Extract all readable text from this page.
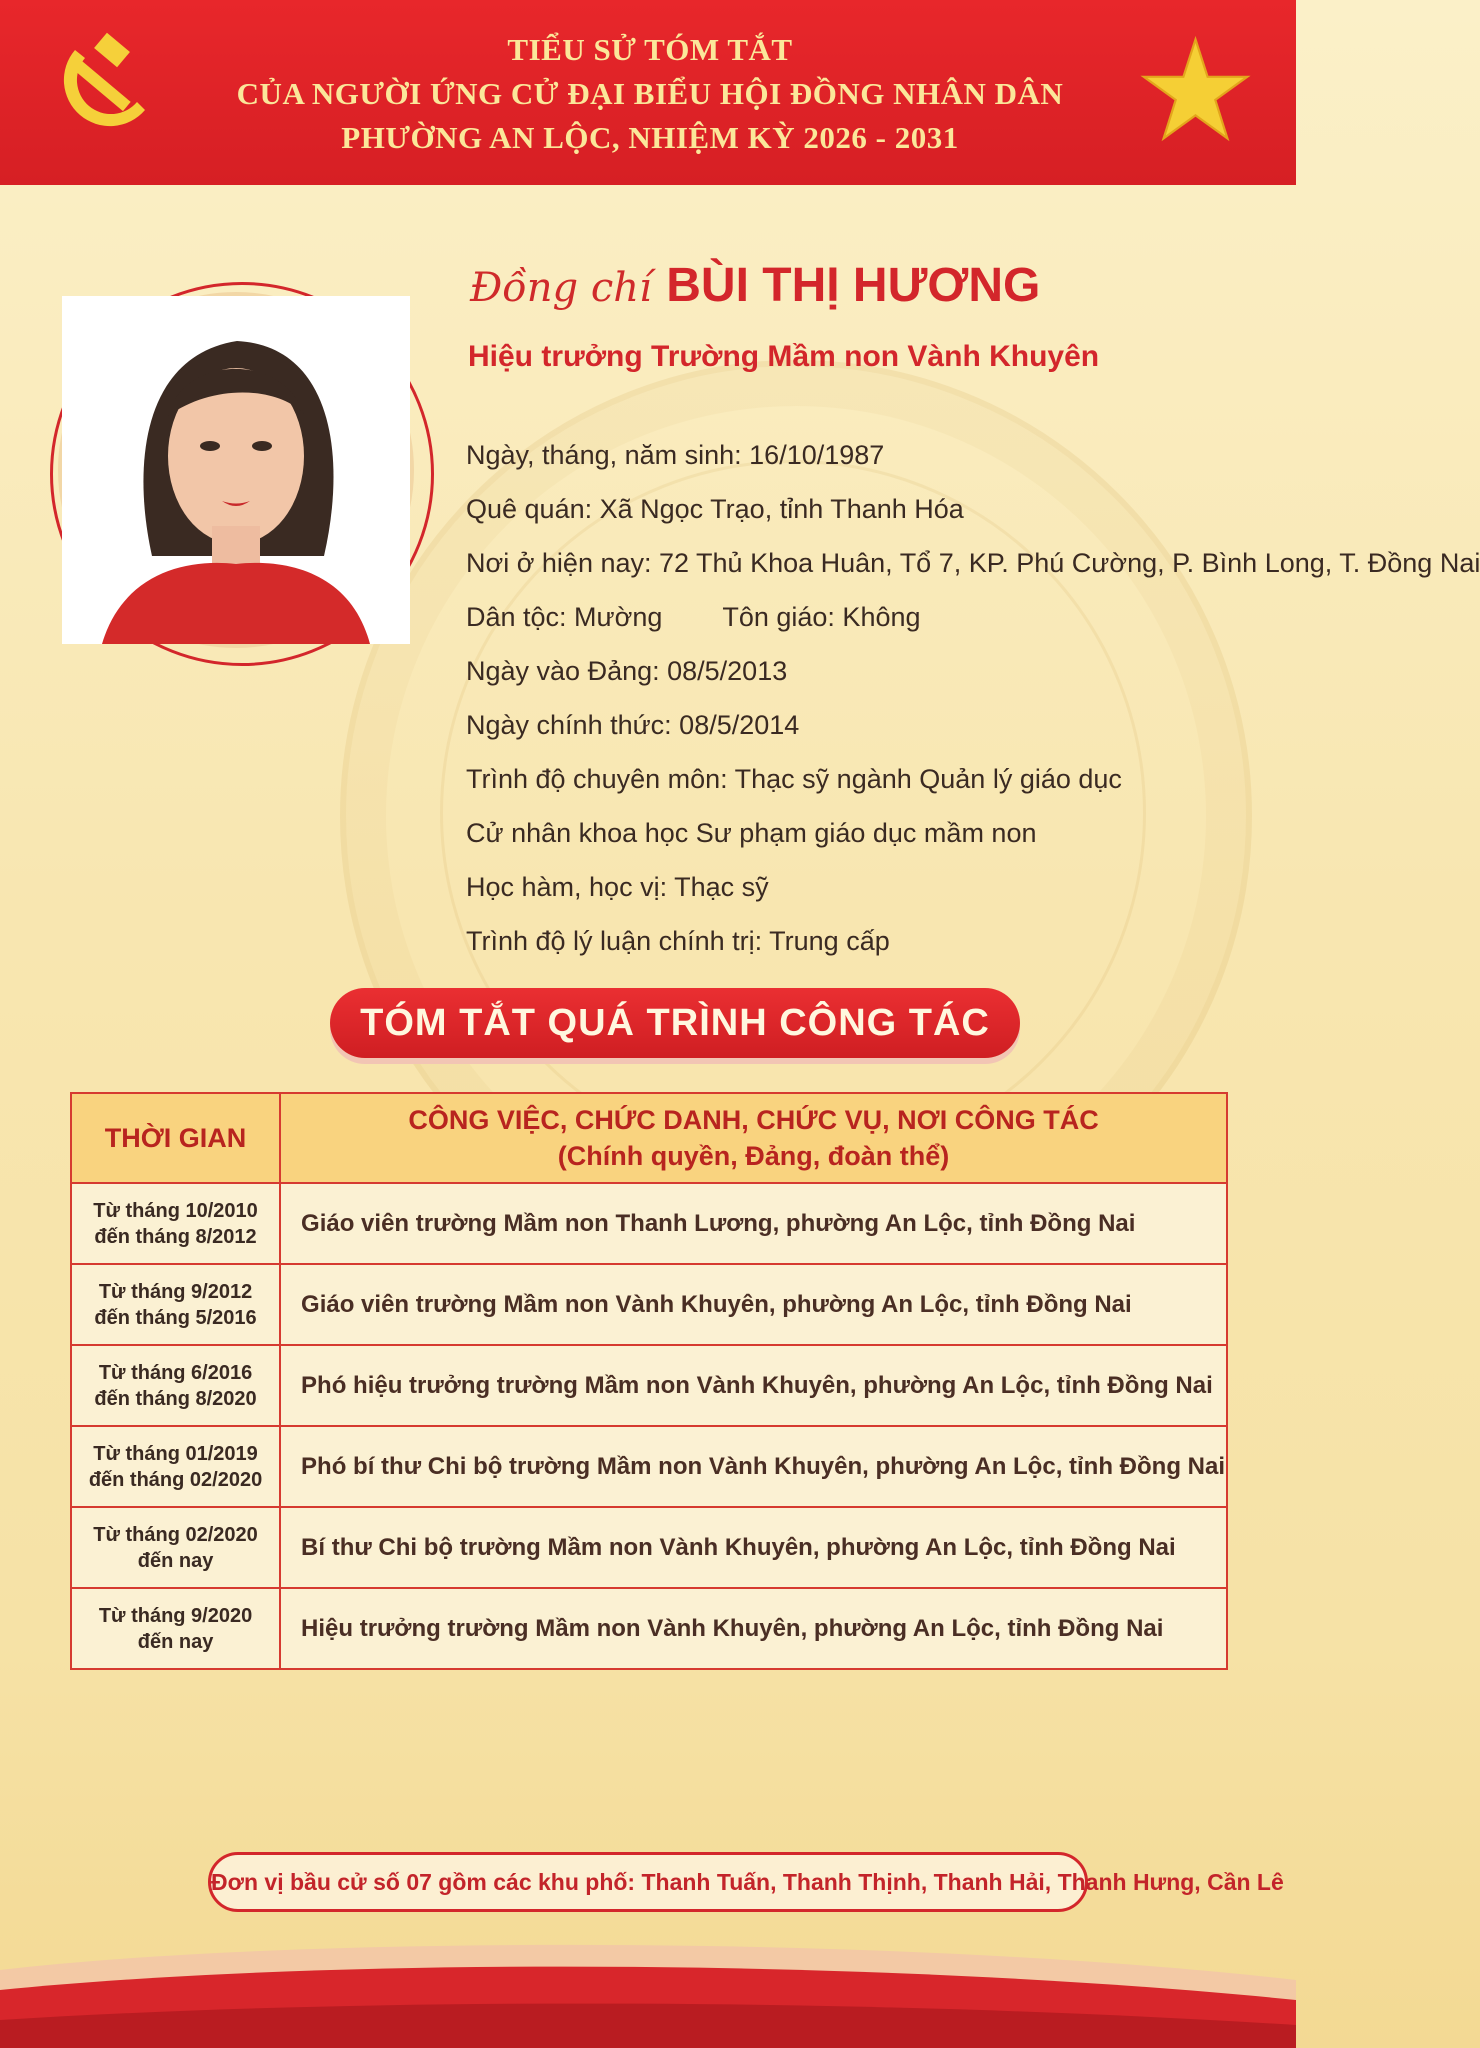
TIỂU SỬ TÓM TẮT
CỦA NGƯỜI ỨNG CỬ ĐẠI BIỂU HỘI ĐỒNG NHÂN DÂN
PHƯỜNG AN LỘC, NHIỆM KỲ 2026 - 2031
Đồng chí BÙI THỊ HƯƠNG
Hiệu trưởng Trường Mầm non Vành Khuyên
Ngày, tháng, năm sinh: 16/10/1987
Quê quán: Xã Ngọc Trạo, tỉnh Thanh Hóa
Nơi ở hiện nay: 72 Thủ Khoa Huân, Tổ 7, KP. Phú Cường, P. Bình Long, T. Đồng Nai
Dân tộc: Mường Tôn giáo: Không
Ngày vào Đảng: 08/5/2013
Ngày chính thức: 08/5/2014
Trình độ chuyên môn: Thạc sỹ ngành Quản lý giáo dục
Cử nhân khoa học Sư phạm giáo dục mầm non
Học hàm, học vị: Thạc sỹ
Trình độ lý luận chính trị: Trung cấp
TÓM TẮT QUÁ TRÌNH CÔNG TÁC
THỜI GIAN	CÔNG VIỆC, CHỨC DANH, CHỨC VỤ, NƠI CÔNG TÁC
(Chính quyền, Đảng, đoàn thể)

Từ tháng 10/2010
đến tháng 8/2012	Giáo viên trường Mầm non Thanh Lương, phường An Lộc, tỉnh Đồng Nai

Từ tháng 9/2012
đến tháng 5/2016	Giáo viên trường Mầm non Vành Khuyên, phường An Lộc, tỉnh Đồng Nai

Từ tháng 6/2016
đến tháng 8/2020	Phó hiệu trưởng trường Mầm non Vành Khuyên, phường An Lộc, tỉnh Đồng Nai

Từ tháng 01/2019
đến tháng 02/2020	Phó bí thư Chi bộ trường Mầm non Vành Khuyên, phường An Lộc, tỉnh Đồng Nai

Từ tháng 02/2020
đến nay	Bí thư Chi bộ trường Mầm non Vành Khuyên, phường An Lộc, tỉnh Đồng Nai

Từ tháng 9/2020
đến nay	Hiệu trưởng trường Mầm non Vành Khuyên, phường An Lộc, tỉnh Đồng Nai
Đơn vị bầu cử số 07 gồm các khu phố: Thanh Tuấn, Thanh Thịnh, Thanh Hải, Thanh Hưng, Cần Lê
